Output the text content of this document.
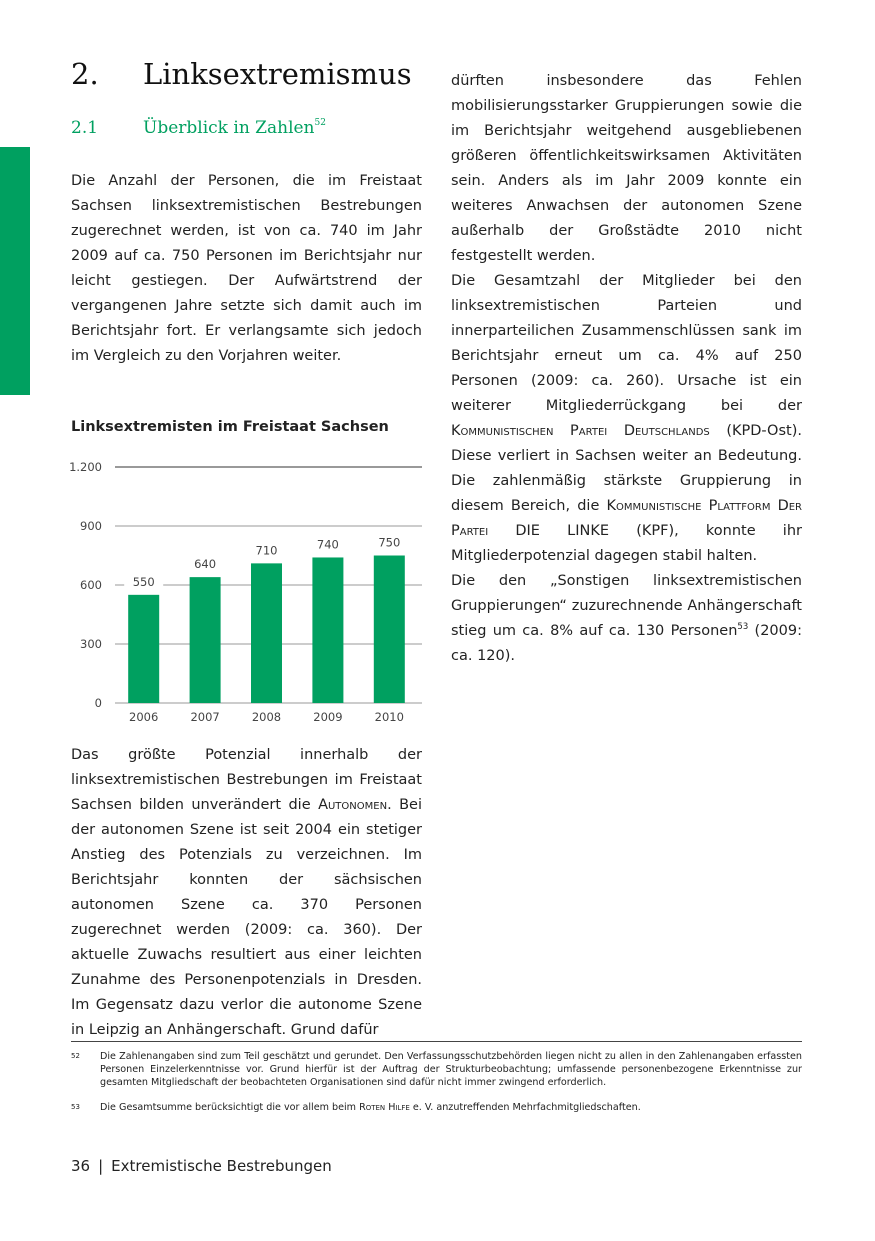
2. Linksextremismus
2.1	Überblick in Zahlen$^{52}$

Die Anzahl der Personen, die im Freistaat Sachsen linksextremistischen Bestrebungen zugerechnet werden, ist von ca. 740 im Jahr 2009 auf ca. 750 Personen im Berichtsjahr nur leicht gestiegen. Der Aufwärtstrend der vergangenen Jahre setzte sich damit auch im Berichtsjahr fort. Er verlangsamte sich jedoch im Vergleich zu den Vorjahren weiter.

Linksextremisten im Freistaat Sachsen
0
300
600
900
1.200
550
2006
640
2007
710
2008
740
2009
750
2010

Das größte Potenzial innerhalb der linksextremistischen Bestrebungen im Freistaat Sachsen bilden unverändert die Autonomen. Bei der autonomen Szene ist seit 2004 ein stetiger Anstieg des Potenzials zu verzeichnen. Im Berichtsjahr konnten der sächsischen autonomen Szene ca. 370 Personen zugerechnet werden (2009: ca. 360). Der aktuelle Zuwachs resultiert aus einer leichten Zunahme des Personenpotenzials in Dresden. Im Gegensatz dazu verlor die autonome Szene in Leipzig an Anhängerschaft. Grund dafür

dürften insbesondere das Fehlen mobilisierungsstarker Gruppierungen sowie die im Berichtsjahr weitgehend ausgebliebenen größeren öffentlichkeitswirksamen Aktivitäten sein. Anders als im Jahr 2009 konnte ein weiteres Anwachsen der autonomen Szene außerhalb der Großstädte 2010 nicht festgestellt werden.

Die Gesamtzahl der Mitglieder bei den linksextremistischen Parteien und innerparteilichen Zusammenschlüssen sank im Berichtsjahr erneut um ca. 4% auf 250 Personen (2009: ca. 260). Ursache ist ein weiterer Mitgliederrückgang bei der Kommunistischen Partei Deutschlands (KPD-Ost). Diese verliert in Sachsen weiter an Bedeutung. Die zahlenmäßig stärkste Gruppierung in diesem Bereich, die Kommunistische Plattform Der Partei DIE LINKE (KPF), konnte ihr Mitgliederpotenzial dagegen stabil halten.

Die den „Sonstigen linksextremistischen Gruppierungen“ zuzurechnende Anhängerschaft stieg um ca. 8% auf ca. 130 Personen$^{53}$ (2009: ca. 120).

52 Die Zahlenangaben sind zum Teil geschätzt und gerundet. Den Verfassungsschutzbehörden liegen nicht zu allen in den Zahlenangaben erfassten Personen Einzelerkenntnisse vor. Grund hierfür ist der Auftrag der Strukturbeobachtung; umfassende personenbezogene Erkenntnisse zur gesamten Mitgliedschaft der beobachteten Organisationen sind dafür nicht immer zwingend erforderlich.
53 Die Gesamtsumme berücksichtigt die vor allem beim Roten Hilfe e. V. anzutreffenden Mehrfachmitgliedschaften.
36 | Extremistische Bestrebungen
